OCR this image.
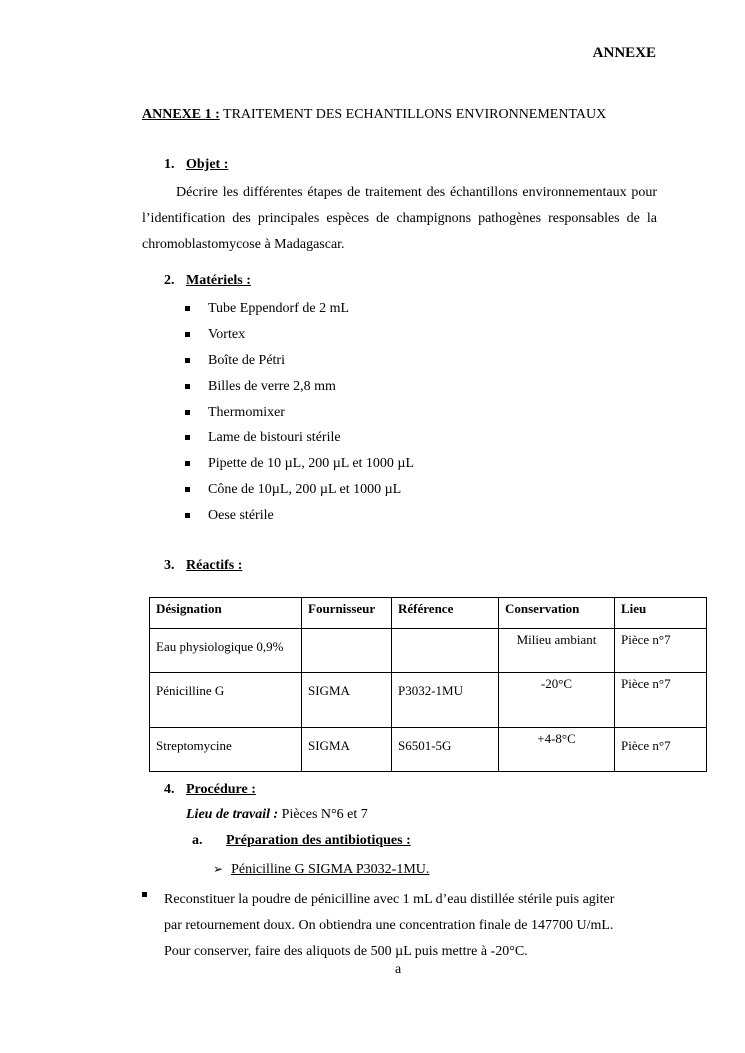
ANNEXE
ANNEXE 1 : TRAITEMENT DES ECHANTILLONS ENVIRONNEMENTAUX
1. Objet :
Décrire les différentes étapes de traitement des échantillons environnementaux pour l’identification des principales espèces de champignons pathogènes responsables de la chromoblastomycose à Madagascar.
2. Matériels :
Tube Eppendorf de 2 mL
Vortex
Boîte de Pétri
Billes de verre 2,8 mm
Thermomixer
Lame de bistouri stérile
Pipette de 10 µL, 200 µL et 1000 µL
Cône de 10µL, 200 µL et 1000 µL
Oese stérile
3. Réactifs :
Désignation	Fournisseur	Référence	Conservation	Lieu
Eau physiologique 0,9%			Milieu ambiant	Pièce n°7
Pénicilline G	SIGMA	P3032-1MU	-20°C	Pièce n°7
Streptomycine	SIGMA	S6501-5G	+4-8°C	Pièce n°7
4. Procédure :
Lieu de travail : Pièces N°6 et 7
a. Préparation des antibiotiques :
➢ Pénicilline G SIGMA P3032-1MU.
Reconstituer la poudre de pénicilline avec 1 mL d’eau distillée stérile puis agiter
par retournement doux. On obtiendra une concentration finale de 147700 U/mL.
Pour conserver, faire des aliquots de 500 µL puis mettre à -20°C.
a
